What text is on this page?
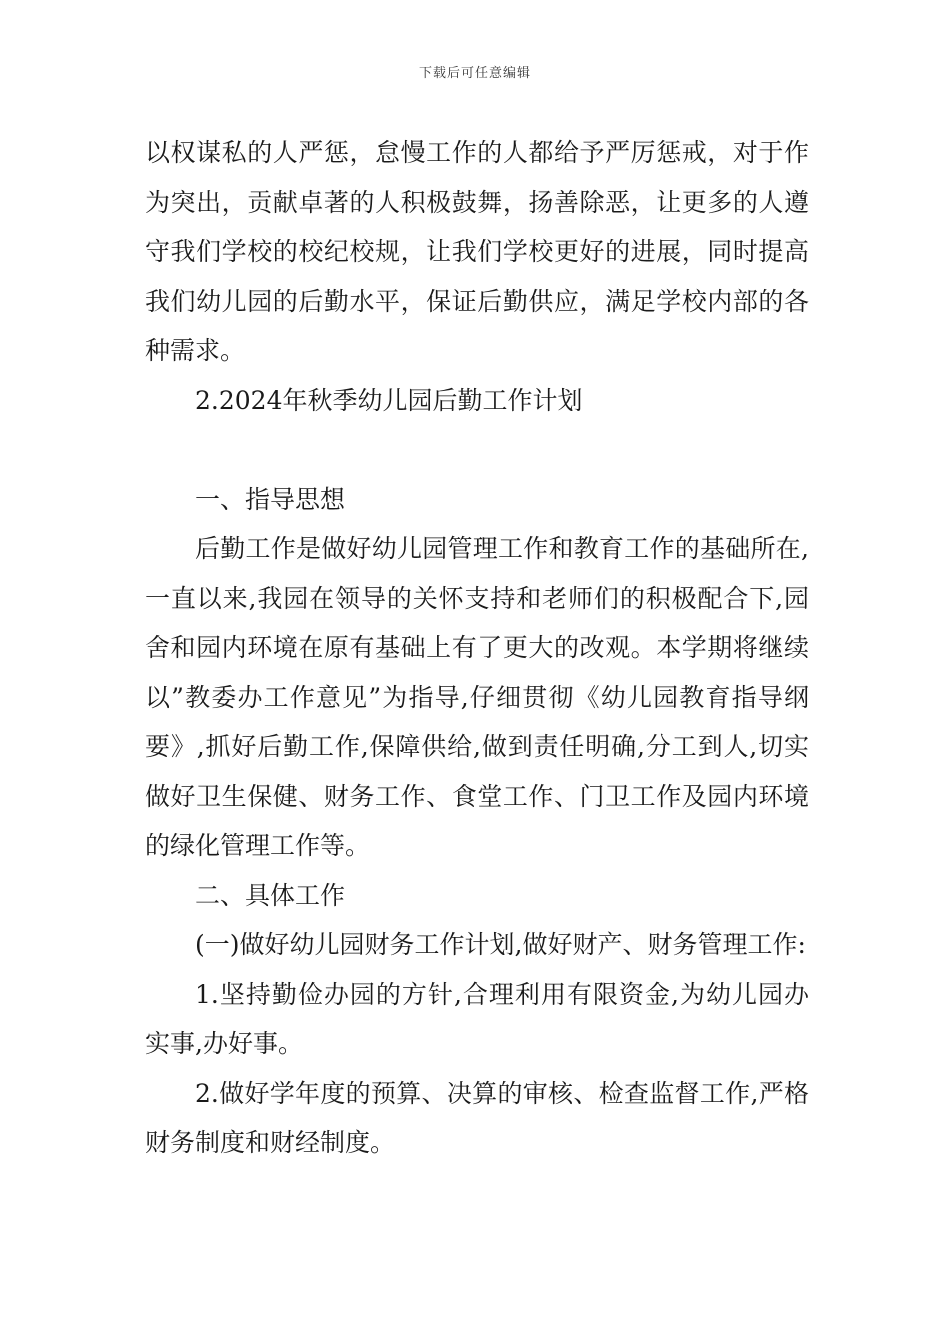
下载后可任意编辑

以权谋私的人严惩，怠慢工作的人都给予严厉惩戒，对于作为突出，贡献卓著的人积极鼓舞，扬善除恶，让更多的人遵守我们学校的校纪校规，让我们学校更好的进展，同时提高我们幼儿园的后勤水平，保证后勤供应，满足学校内部的各种需求。

2.2024年秋季幼儿园后勤工作计划

一、指导思想

后勤工作是做好幼儿园管理工作和教育工作的基础所在,一直以来,我园在领导的关怀支持和老师们的积极配合下,园舍和园内环境在原有基础上有了更大的改观。本学期将继续以”教委办工作意见”为指导,仔细贯彻《幼儿园教育指导纲要》,抓好后勤工作,保障供给,做到责任明确,分工到人,切实做好卫生保健、财务工作、食堂工作、门卫工作及园内环境的绿化管理工作等。

二、具体工作

(一)做好幼儿园财务工作计划,做好财产、财务管理工作:

1.坚持勤俭办园的方针,合理利用有限资金,为幼儿园办实事,办好事。

2.做好学年度的预算、决算的审核、检查监督工作,严格财务制度和财经制度。
